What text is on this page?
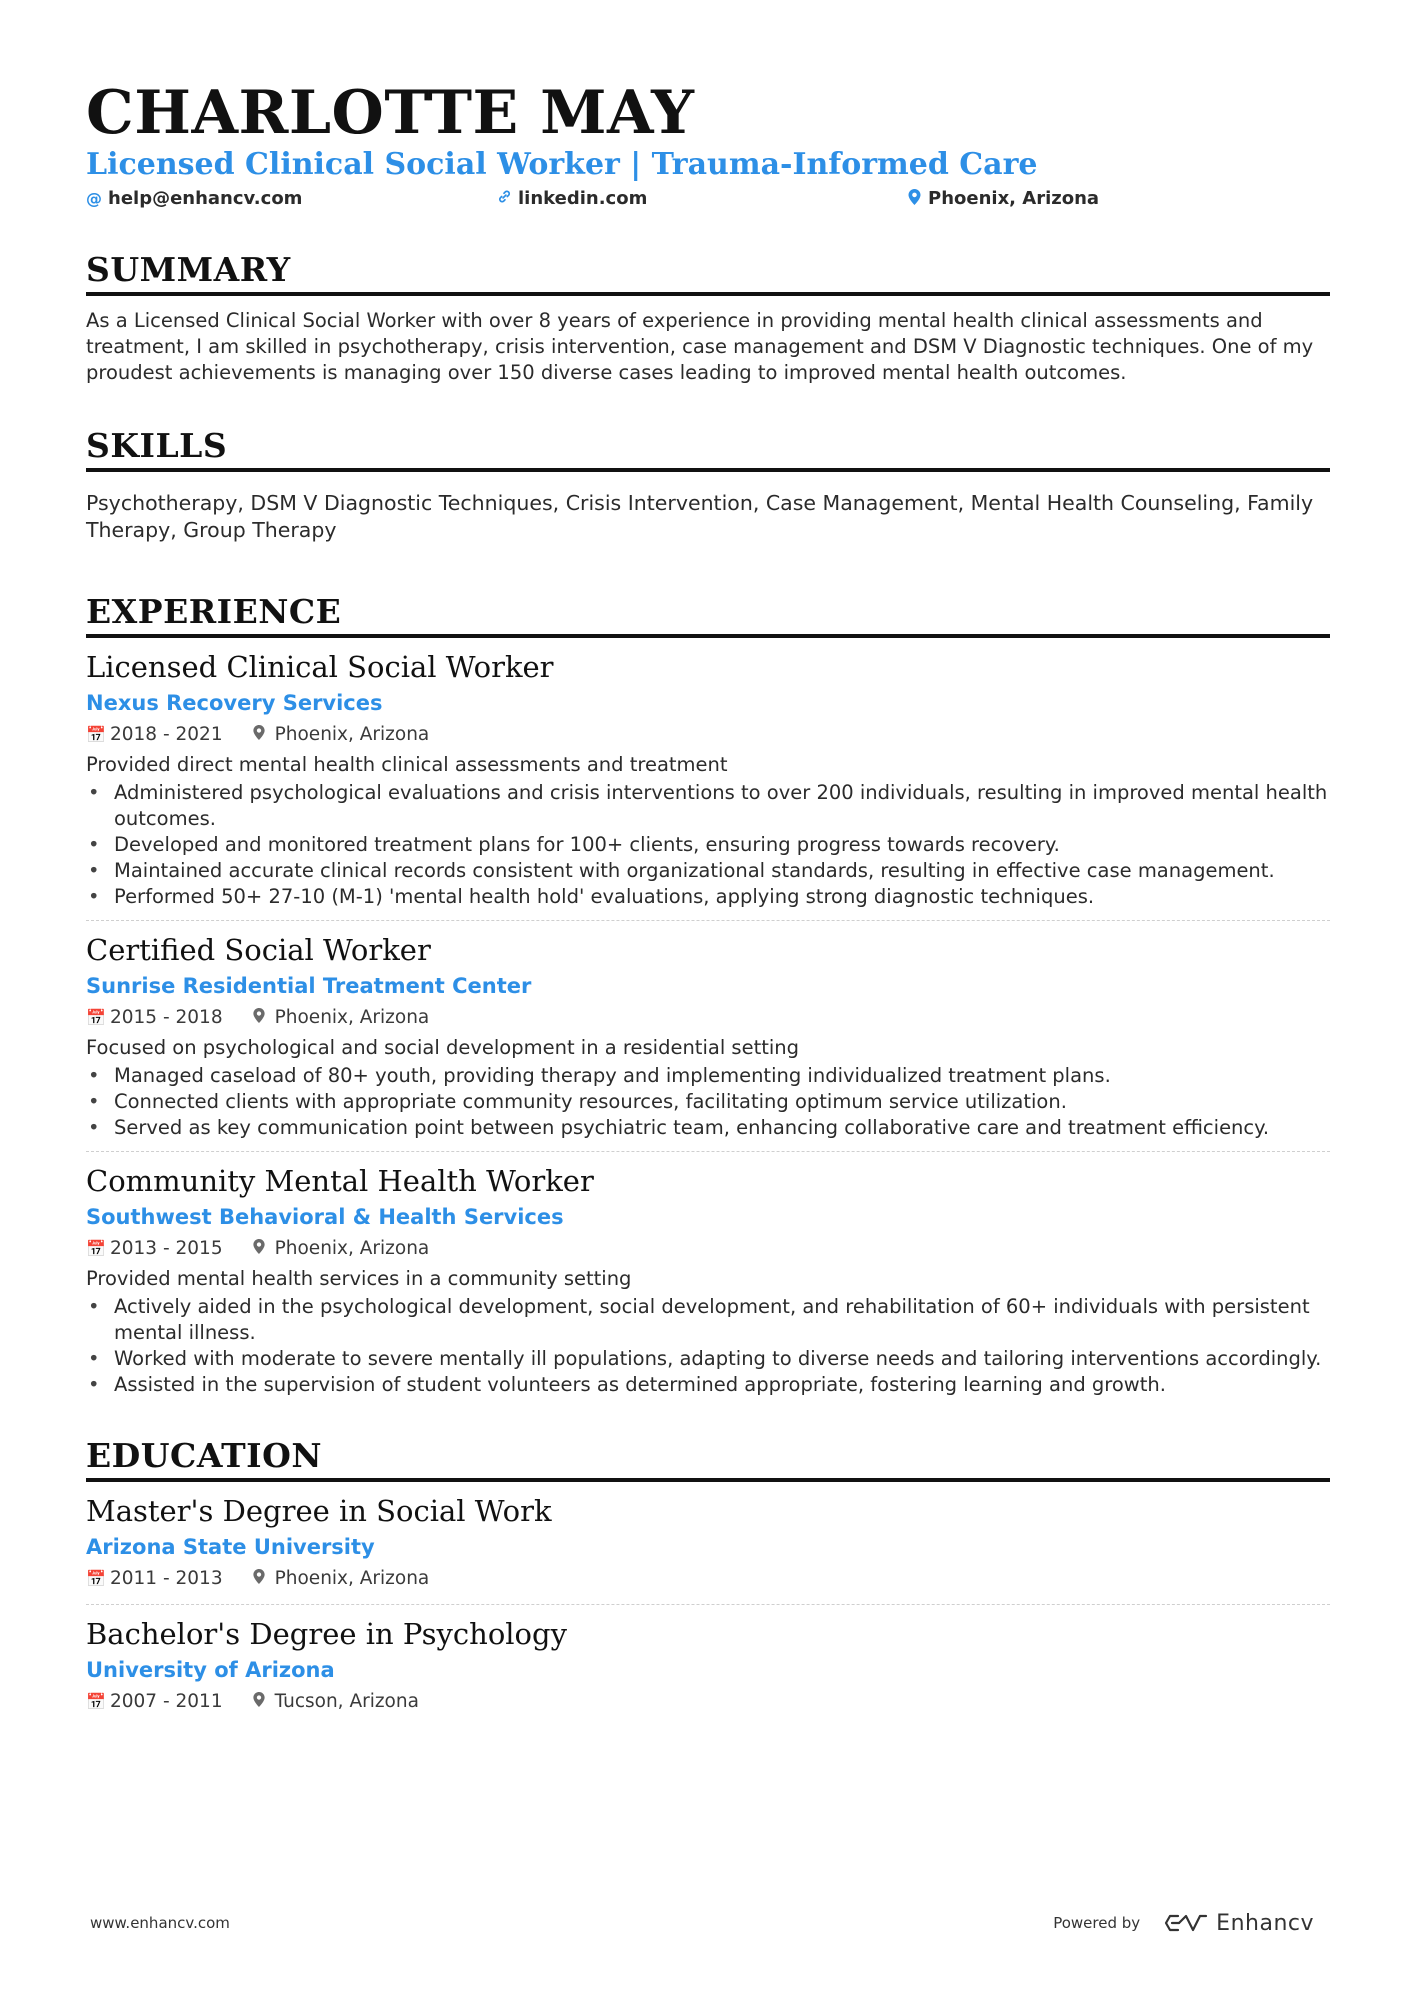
CHARLOTTE MAY
Licensed Clinical Social Worker | Trauma-Informed Care
@ help@enhancv.com	linkedin.com	Phoenix, Arizona
SUMMARY
As a Licensed Clinical Social Worker with over 8 years of experience in providing mental health clinical assessments and treatment, I am skilled in psychotherapy, crisis intervention, case management and DSM V Diagnostic techniques. One of my proudest achievements is managing over 150 diverse cases leading to improved mental health outcomes.
SKILLS
Psychotherapy, DSM V Diagnostic Techniques, Crisis Intervention, Case Management, Mental Health Counseling, Family Therapy, Group Therapy
EXPERIENCE
Licensed Clinical Social Worker
Nexus Recovery Services
📅 2018 - 2021	Phoenix, Arizona
Provided direct mental health clinical assessments and treatment
• Administered psychological evaluations and crisis interventions to over 200 individuals, resulting in improved mental health outcomes.
• Developed and monitored treatment plans for 100+ clients, ensuring progress towards recovery.
• Maintained accurate clinical records consistent with organizational standards, resulting in effective case management.
• Performed 50+ 27-10 (M-1) 'mental health hold' evaluations, applying strong diagnostic techniques.
Certified Social Worker
Sunrise Residential Treatment Center
📅 2015 - 2018	Phoenix, Arizona
Focused on psychological and social development in a residential setting
• Managed caseload of 80+ youth, providing therapy and implementing individualized treatment plans.
• Connected clients with appropriate community resources, facilitating optimum service utilization.
• Served as key communication point between psychiatric team, enhancing collaborative care and treatment efficiency.
Community Mental Health Worker
Southwest Behavioral & Health Services
📅 2013 - 2015	Phoenix, Arizona
Provided mental health services in a community setting
• Actively aided in the psychological development, social development, and rehabilitation of 60+ individuals with persistent mental illness.
• Worked with moderate to severe mentally ill populations, adapting to diverse needs and tailoring interventions accordingly.
• Assisted in the supervision of student volunteers as determined appropriate, fostering learning and growth.
EDUCATION
Master's Degree in Social Work
Arizona State University
📅 2011 - 2013	Phoenix, Arizona
Bachelor's Degree in Psychology
University of Arizona
📅 2007 - 2011	Tucson, Arizona
www.enhancv.com	Powered by	Enhancv
